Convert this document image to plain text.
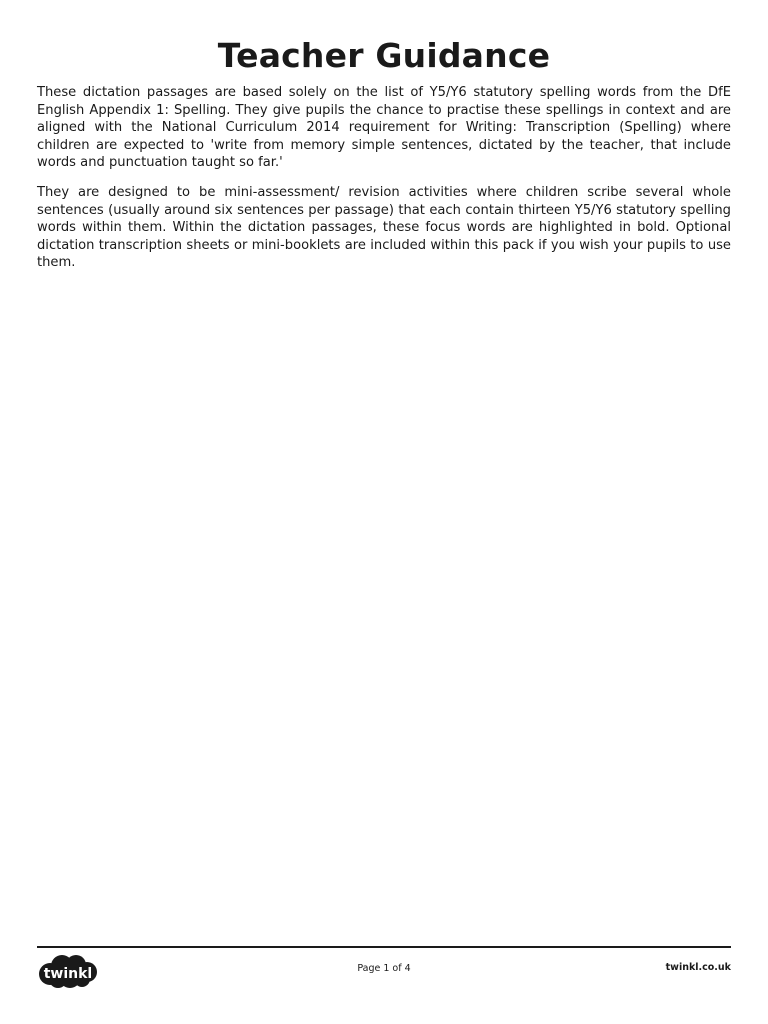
Teacher Guidance

These dictation passages are based solely on the list of Y5/Y6 statutory spelling words from the DfE English Appendix 1: Spelling. They give pupils the chance to practise these spellings in context and are aligned with the National Curriculum 2014 requirement for Writing: Transcription (Spelling) where children are expected to 'write from memory simple sentences, dictated by the teacher, that include words and punctuation taught so far.'

They are designed to be mini-assessment/ revision activities where children scribe several whole sentences (usually around six sentences per passage) that each contain thirteen Y5/Y6 statutory spelling words within them. Within the dictation passages, these focus words are highlighted in bold. Optional dictation transcription sheets or mini-booklets are included within this pack if you wish your pupils to use them.

twinkl	Page 1 of 4	twinkl.co.uk
